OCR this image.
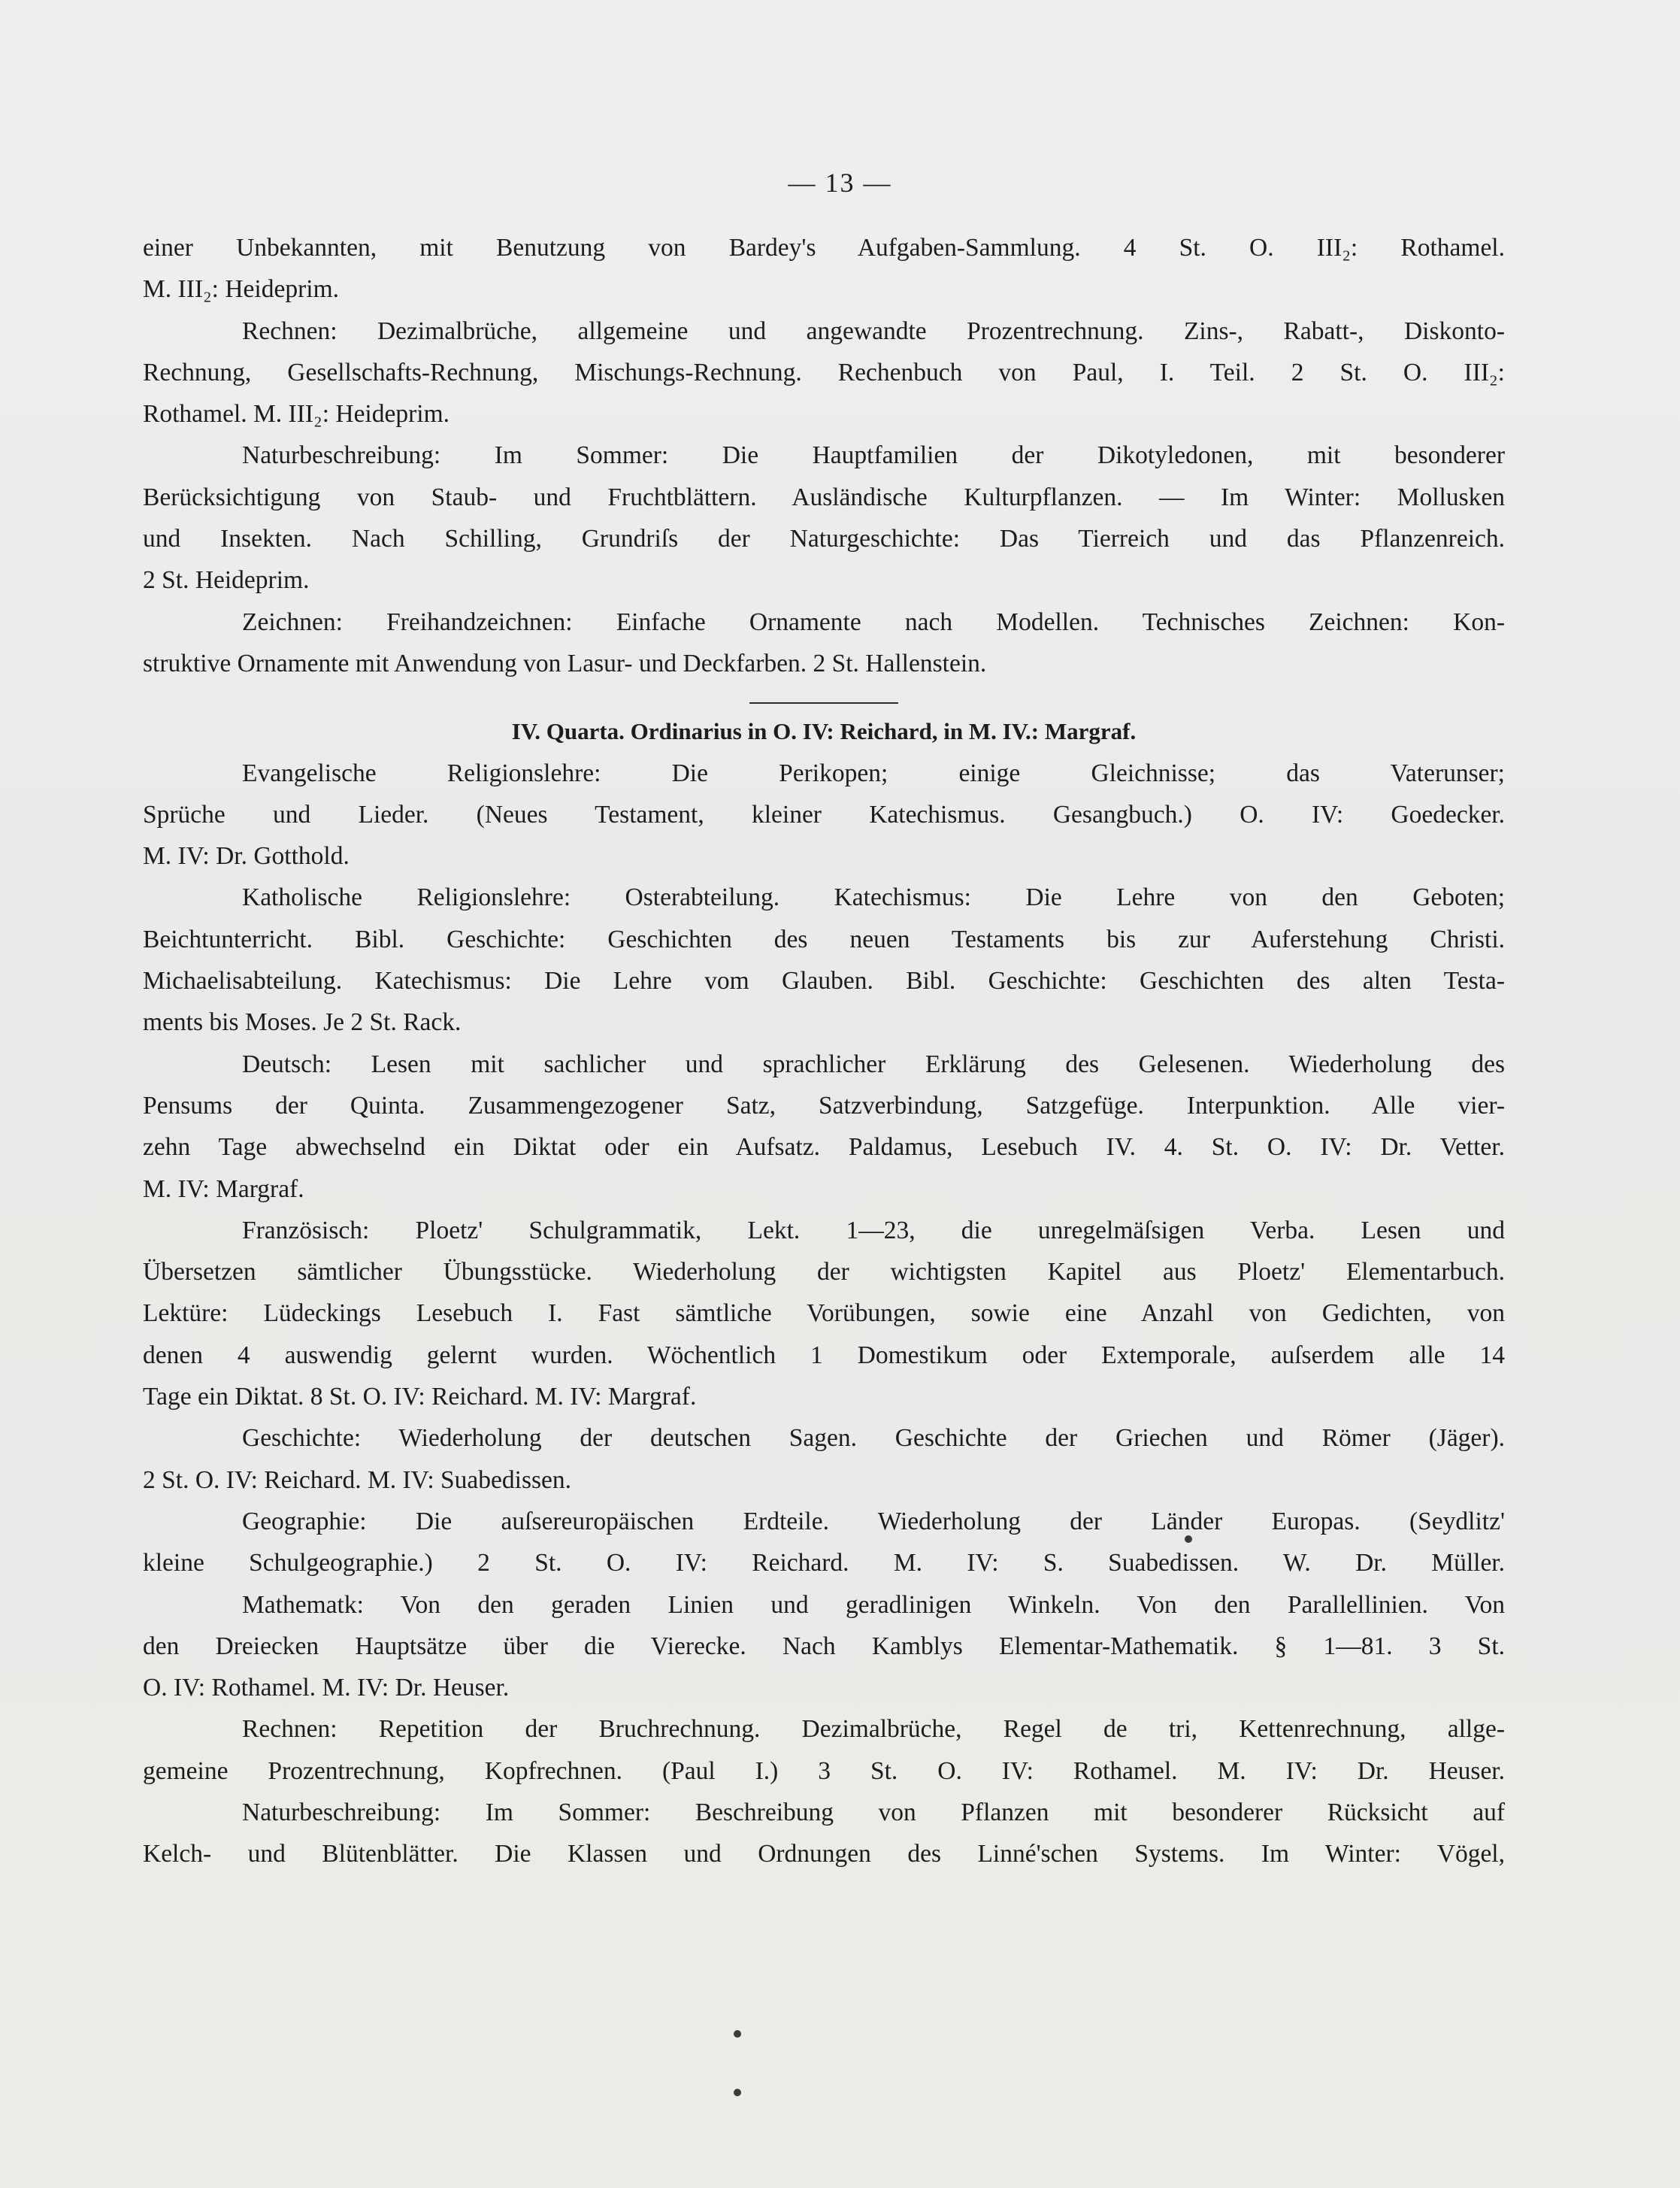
— 13 —

einer Unbekannten, mit Benutzung von Bardey's Aufgaben-Sammlung. 4 St. O. III₂: Rothamel.

M. III₂: Heideprim.

Rechnen: Dezimalbrüche, allgemeine und angewandte Prozentrechnung. Zins-, Rabatt-, Diskonto-

Rechnung, Gesellschafts-Rechnung, Mischungs-Rechnung. Rechenbuch von Paul, I. Teil. 2 St. O. III₂:

Rothamel. M. III₂: Heideprim.

Naturbeschreibung: Im Sommer: Die Hauptfamilien der Dikotyledonen, mit besonderer

Berücksichtigung von Staub- und Fruchtblättern. Ausländische Kulturpflanzen. — Im Winter: Mollusken

und Insekten. Nach Schilling, Grundriſs der Naturgeschichte: Das Tierreich und das Pflanzenreich.

2 St. Heideprim.

Zeichnen: Freihandzeichnen: Einfache Ornamente nach Modellen. Technisches Zeichnen: Kon-

struktive Ornamente mit Anwendung von Lasur- und Deckfarben. 2 St. Hallenstein.

IV. Quarta. Ordinarius in O. IV: Reichard, in M. IV.: Margraf.

Evangelische Religionslehre: Die Perikopen; einige Gleichnisse; das Vaterunser;

Sprüche und Lieder. (Neues Testament, kleiner Katechismus. Gesangbuch.) O. IV: Goedecker.

M. IV: Dr. Gotthold.

Katholische Religionslehre: Osterabteilung. Katechismus: Die Lehre von den Geboten;

Beichtunterricht. Bibl. Geschichte: Geschichten des neuen Testaments bis zur Auferstehung Christi.

Michaelisabteilung. Katechismus: Die Lehre vom Glauben. Bibl. Geschichte: Geschichten des alten Testa-

ments bis Moses. Je 2 St. Rack.

Deutsch: Lesen mit sachlicher und sprachlicher Erklärung des Gelesenen. Wiederholung des

Pensums der Quinta. Zusammengezogener Satz, Satzverbindung, Satzgefüge. Interpunktion. Alle vier-

zehn Tage abwechselnd ein Diktat oder ein Aufsatz. Paldamus, Lesebuch IV. 4. St. O. IV: Dr. Vetter.

M. IV: Margraf.

Französisch: Ploetz' Schulgrammatik, Lekt. 1—23, die unregelmäſsigen Verba. Lesen und

Übersetzen sämtlicher Übungsstücke. Wiederholung der wichtigsten Kapitel aus Ploetz' Elementarbuch.

Lektüre: Lüdeckings Lesebuch I. Fast sämtliche Vorübungen, sowie eine Anzahl von Gedichten, von

denen 4 auswendig gelernt wurden. Wöchentlich 1 Domestikum oder Extemporale, auſserdem alle 14

Tage ein Diktat. 8 St. O. IV: Reichard. M. IV: Margraf.

Geschichte: Wiederholung der deutschen Sagen. Geschichte der Griechen und Römer (Jäger).

2 St. O. IV: Reichard. M. IV: Suabedissen.

Geographie: Die auſsereuropäischen Erdteile. Wiederholung der Länder Europas. (Seydlitz'

kleine Schulgeographie.) 2 St. O. IV: Reichard. M. IV: S. Suabedissen. W. Dr. Müller.

Mathematk: Von den geraden Linien und geradlinigen Winkeln. Von den Parallellinien. Von

den Dreiecken Hauptsätze über die Vierecke. Nach Kamblys Elementar-Mathematik. § 1—81. 3 St.

O. IV: Rothamel. M. IV: Dr. Heuser.

Rechnen: Repetition der Bruchrechnung. Dezimalbrüche, Regel de tri, Kettenrechnung, allge-

gemeine Prozentrechnung, Kopfrechnen. (Paul I.) 3 St. O. IV: Rothamel. M. IV: Dr. Heuser.

Naturbeschreibung: Im Sommer: Beschreibung von Pflanzen mit besonderer Rücksicht auf

Kelch- und Blütenblätter. Die Klassen und Ordnungen des Linné'schen Systems. Im Winter: Vögel,
